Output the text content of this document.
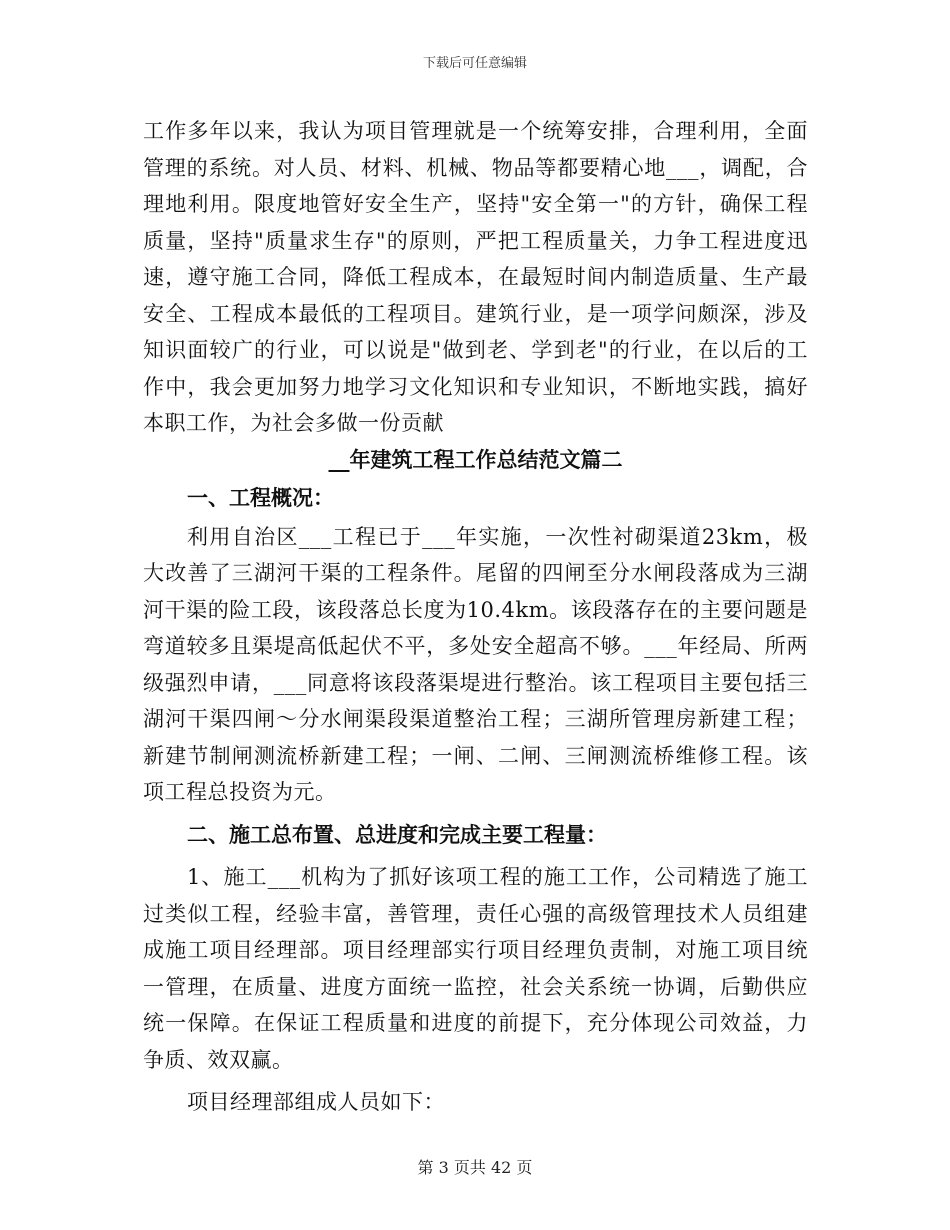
下载后可任意编辑

工作多年以来，我认为项目管理就是一个统筹安排，合理利用，全面管理的系统。对人员、材料、机械、物品等都要精心地___，调配，合理地利用。限度地管好安全生产，坚持"安全第一"的方针，确保工程质量，坚持"质量求生存"的原则，严把工程质量关，力争工程进度迅速，遵守施工合同，降低工程成本，在最短时间内制造质量、生产最安全、工程成本最低的工程项目。建筑行业，是一项学问颇深，涉及知识面较广的行业，可以说是"做到老、学到老"的行业，在以后的工作中，我会更加努力地学习文化知识和专业知识，不断地实践，搞好本职工作，为社会多做一份贡献

__年建筑工程工作总结范文篇二

一、工程概况：

利用自治区___工程已于___年实施，一次性衬砌渠道23km，极大改善了三湖河干渠的工程条件。尾留的四闸至分水闸段落成为三湖河干渠的险工段，该段落总长度为10.4km。该段落存在的主要问题是弯道较多且渠堤高低起伏不平，多处安全超高不够。___年经局、所两级强烈申请，___同意将该段落渠堤进行整治。该工程项目主要包括三湖河干渠四闸～分水闸渠段渠道整治工程；三湖所管理房新建工程；新建节制闸测流桥新建工程；一闸、二闸、三闸测流桥维修工程。该项工程总投资为元。

二、施工总布置、总进度和完成主要工程量：

1、施工___机构为了抓好该项工程的施工工作，公司精选了施工过类似工程，经验丰富，善管理，责任心强的高级管理技术人员组建成施工项目经理部。项目经理部实行项目经理负责制，对施工项目统一管理，在质量、进度方面统一监控，社会关系统一协调，后勤供应统一保障。在保证工程质量和进度的前提下，充分体现公司效益，力争质、效双赢。

项目经理部组成人员如下：

第 3 页共 42 页
